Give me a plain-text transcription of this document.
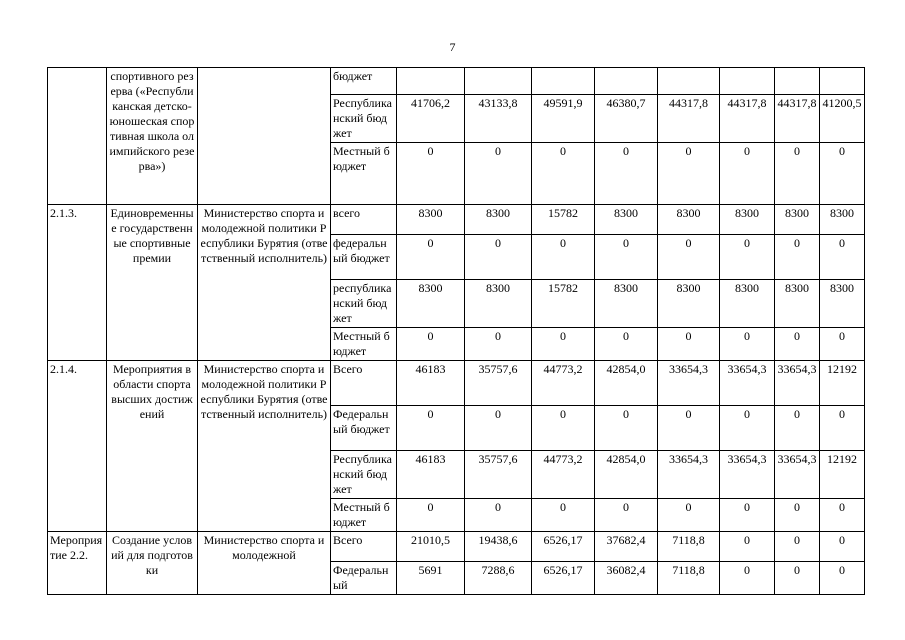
7
	спортивного резерва («Республиканская детско-юношеская спортивная школа олимпийского резерва»)		бюджет								
			Республиканский бюджет	41706,2	43133,8	49591,9	46380,7	44317,8	44317,8	44317,8	41200,5
			Местный бюджет	0	0	0	0	0	0	0	0
2.1.3.	Единовременные государственные спортивные премии	Министерство спорта и молодежной политики Республики Бурятия (ответственный исполнитель)	всего	8300	8300	15782	8300	8300	8300	8300	8300
			федеральный бюджет	0	0	0	0	0	0	0	0
			республиканский бюджет	8300	8300	15782	8300	8300	8300	8300	8300
			Местный бюджет	0	0	0	0	0	0	0	0
2.1.4.	Мероприятия в области спорта высших достижений	Министерство спорта и молодежной политики Республики Бурятия (ответственный исполнитель)	Всего	46183	35757,6	44773,2	42854,0	33654,3	33654,3	33654,3	12192
			Федеральный бюджет	0	0	0	0	0	0	0	0
			Республиканский бюджет	46183	35757,6	44773,2	42854,0	33654,3	33654,3	33654,3	12192
			Местный бюджет	0	0	0	0	0	0	0	0
Мероприятие 2.2.	Создание условий для подготовки	Министерство спорта и молодежной	Всего	21010,5	19438,6	6526,17	37682,4	7118,8	0	0	0
			Федеральный	5691	7288,6	6526,17	36082,4	7118,8	0	0	0
